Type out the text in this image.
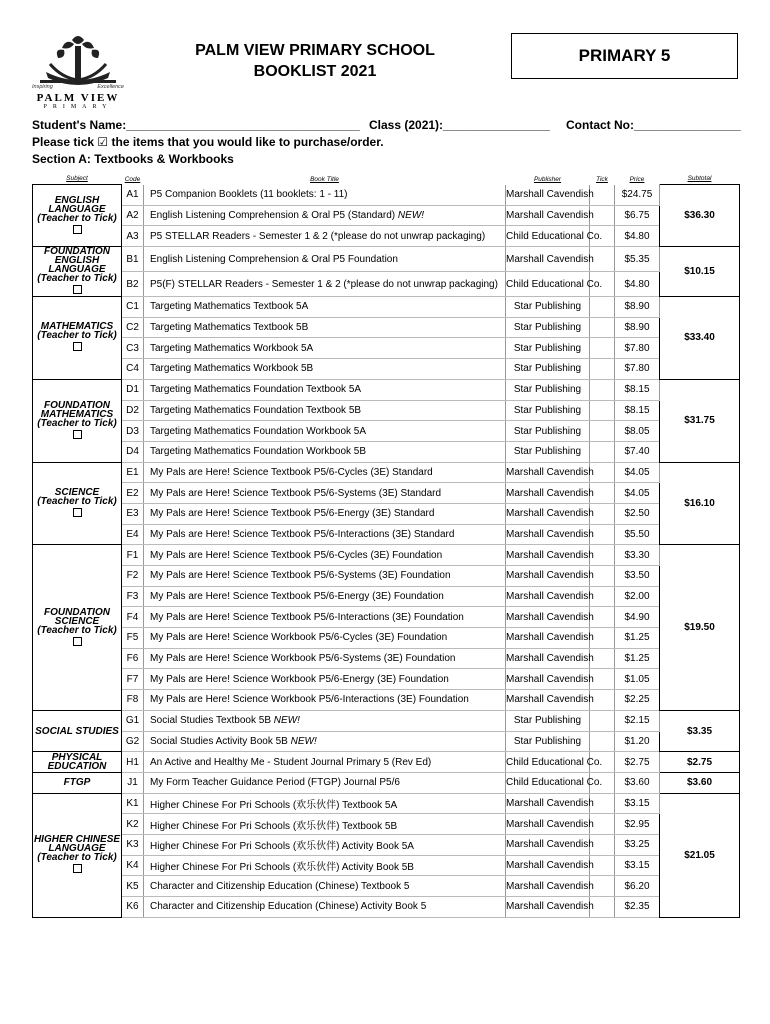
Inspiring	Excellence
PALM VIEW
PRIMARY
PALM VIEW PRIMARY SCHOOL
BOOKLIST 2021
PRIMARY 5
Student's Name:___________________________________ Class (2021):________________ Contact No:________________
Please tick ☑ the items that you would like to purchase/order.
Section A: Textbooks & Workbooks
Subject	Code	Book Title	Publisher	Tick	Price	Subtotal

ENGLISH LANGUAGE
(Teacher to Tick)	A1	P5 Companion Booklets (11 booklets: 1 - 11)	Marshall Cavendish		$24.75	$36.30
	A2	English Listening Comprehension & Oral P5 (Standard) NEW!	Marshall Cavendish		$6.75	
	A3	P5 STELLAR Readers - Semester 1 & 2 (*please do not unwrap packaging)	Child Educational Co.		$4.80	

FOUNDATION ENGLISH LANGUAGE
(Teacher to Tick)	B1	English Listening Comprehension & Oral P5 Foundation	Marshall Cavendish		$5.35	$10.15
	B2	P5(F) STELLAR Readers - Semester 1 & 2 (*please do not unwrap packaging)	Child Educational Co.		$4.80	

MATHEMATICS
(Teacher to Tick)	C1	Targeting Mathematics Textbook 5A	Star Publishing		$8.90	$33.40
	C2	Targeting Mathematics Textbook 5B	Star Publishing		$8.90	
	C3	Targeting Mathematics Workbook 5A	Star Publishing		$7.80	
	C4	Targeting Mathematics Workbook 5B	Star Publishing		$7.80	

FOUNDATION MATHEMATICS
(Teacher to Tick)	D1	Targeting Mathematics Foundation Textbook 5A	Star Publishing		$8.15	$31.75
	D2	Targeting Mathematics Foundation Textbook 5B	Star Publishing		$8.15	
	D3	Targeting Mathematics Foundation Workbook 5A	Star Publishing		$8.05	
	D4	Targeting Mathematics Foundation Workbook 5B	Star Publishing		$7.40	

SCIENCE
(Teacher to Tick)	E1	My Pals are Here! Science Textbook P5/6-Cycles (3E) Standard	Marshall Cavendish		$4.05	$16.10
	E2	My Pals are Here! Science Textbook P5/6-Systems (3E) Standard	Marshall Cavendish		$4.05	
	E3	My Pals are Here! Science Textbook P5/6-Energy (3E) Standard	Marshall Cavendish		$2.50	
	E4	My Pals are Here! Science Textbook P5/6-Interactions (3E) Standard	Marshall Cavendish		$5.50	

FOUNDATION SCIENCE
(Teacher to Tick)	F1	My Pals are Here! Science Textbook P5/6-Cycles (3E) Foundation	Marshall Cavendish		$3.30	$19.50
	F2	My Pals are Here! Science Textbook P5/6-Systems (3E) Foundation	Marshall Cavendish		$3.50	
	F3	My Pals are Here! Science Textbook P5/6-Energy (3E) Foundation	Marshall Cavendish		$2.00	
	F4	My Pals are Here! Science Textbook P5/6-Interactions (3E) Foundation	Marshall Cavendish		$4.90	
	F5	My Pals are Here! Science Workbook P5/6-Cycles (3E) Foundation	Marshall Cavendish		$1.25	
	F6	My Pals are Here! Science Workbook P5/6-Systems (3E) Foundation	Marshall Cavendish		$1.25	
	F7	My Pals are Here! Science Workbook P5/6-Energy (3E) Foundation	Marshall Cavendish		$1.05	
	F8	My Pals are Here! Science Workbook P5/6-Interactions (3E) Foundation	Marshall Cavendish		$2.25	

SOCIAL STUDIES	G1	Social Studies Textbook 5B NEW!	Star Publishing		$2.15	$3.35
	G2	Social Studies Activity Book 5B NEW!	Star Publishing		$1.20	

PHYSICAL EDUCATION	H1	An Active and Healthy Me - Student Journal Primary 5 (Rev Ed)	Child Educational Co.		$2.75	$2.75

FTGP	J1	My Form Teacher Guidance Period (FTGP) Journal P5/6	Child Educational Co.		$3.60	$3.60

HIGHER CHINESE LANGUAGE
(Teacher to Tick)	K1	Higher Chinese For Pri Schools (欢乐伙伴) Textbook 5A	Marshall Cavendish		$3.15	$21.05
	K2	Higher Chinese For Pri Schools (欢乐伙伴) Textbook 5B	Marshall Cavendish		$2.95	
	K3	Higher Chinese For Pri Schools (欢乐伙伴) Activity Book 5A	Marshall Cavendish		$3.25	
	K4	Higher Chinese For Pri Schools (欢乐伙伴) Activity Book 5B	Marshall Cavendish		$3.15	
	K5	Character and Citizenship Education (Chinese) Textbook 5	Marshall Cavendish		$6.20	
	K6	Character and Citizenship Education (Chinese) Activity Book 5	Marshall Cavendish		$2.35	
